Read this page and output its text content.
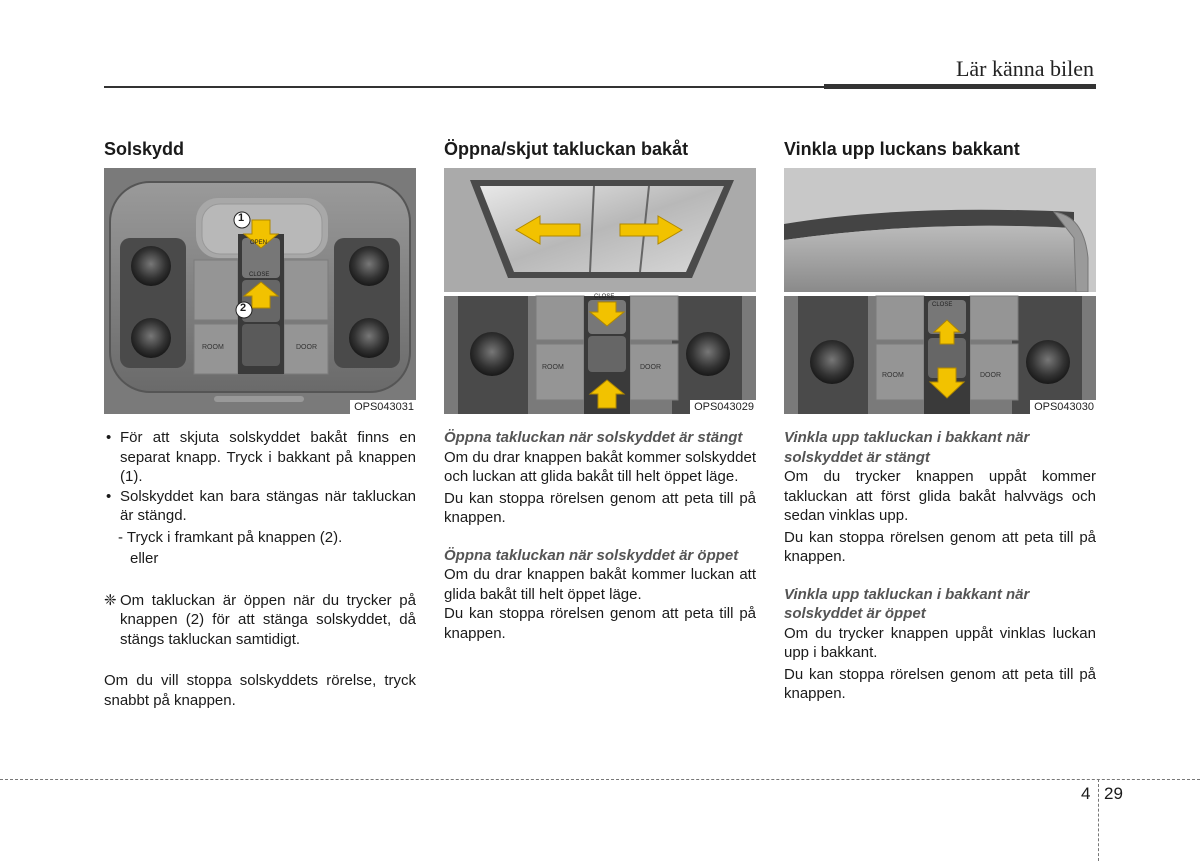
Lär känna bilen
Solskydd
1
2
ROOM	DOOR
CLOSE
OPEN
OPS043031

• För att skjuta solskyddet bakåt finns en separat knapp. Tryck i bakkant på knappen (1).

• Solskyddet kan bara stängas när takluckan är stängd.

- Tryck i framkant på knappen (2).

eller

❈ Om takluckan är öppen när du trycker på knappen (2) för att stänga solskyddet, då stängs takluckan samtidigt.

Om du vill stoppa solskyddets rörelse, tryck snabbt på knappen.

Öppna/skjut takluckan bakåt
ROOM	DOOR
CLOSE
OPS043029

Öppna takluckan när solskyddet är stängt

Om du drar knappen bakåt kommer solskyddet och luckan att glida bakåt till helt öppet läge.

Du kan stoppa rörelsen genom att peta till på knappen.

Öppna takluckan när solskyddet är öppet

Om du drar knappen bakåt kommer luckan att glida bakåt till helt öppet läge.

Du kan stoppa rörelsen genom att peta till på knappen.

Vinkla upp luckans bakkant
ROOM	DOOR
CLOSE
OPS043030

Vinkla upp takluckan i bakkant när solskyddet är stängt

Om du trycker knappen uppåt kommer takluckan att först glida bakåt halvvägs och sedan vinklas upp.

Du kan stoppa rörelsen genom att peta till på knappen.

Vinkla upp takluckan i bakkant när solskyddet är öppet

Om du trycker knappen uppåt vinklas luckan upp i bakkant.

Du kan stoppa rörelsen genom att peta till på knappen.

4 29
